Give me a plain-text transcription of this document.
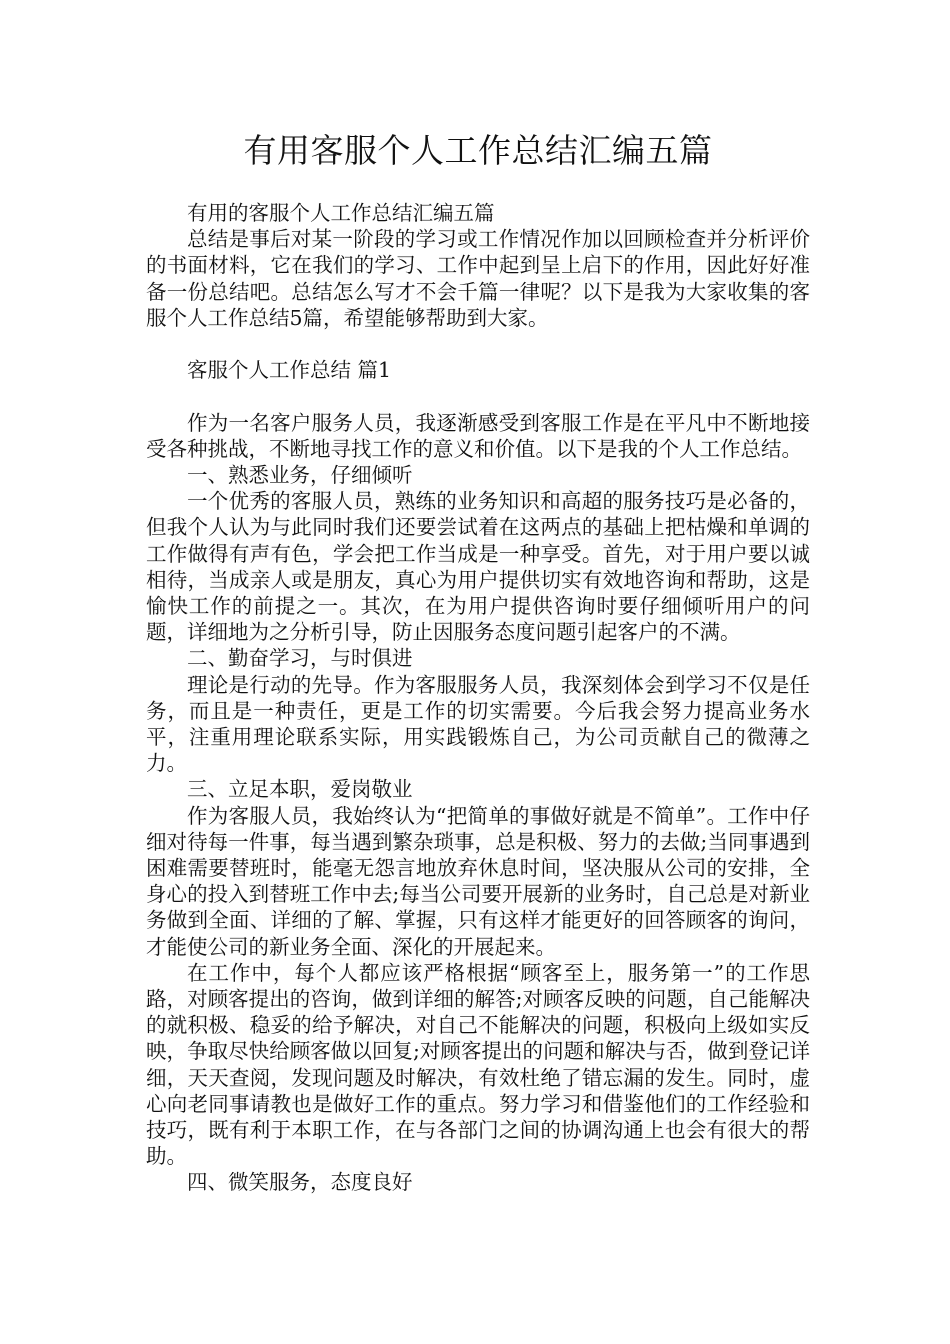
有用客服个人工作总结汇编五篇

有用的客服个人工作总结汇编五篇

总结是事后对某一阶段的学习或工作情况作加以回顾检查并分析评价的书面材料，它在我们的学习、工作中起到呈上启下的作用，因此好好准备一份总结吧。总结怎么写才不会千篇一律呢？以下是我为大家收集的客服个人工作总结5篇，希望能够帮助到大家。

客服个人工作总结 篇1

作为一名客户服务人员，我逐渐感受到客服工作是在平凡中不断地接受各种挑战，不断地寻找工作的意义和价值。以下是我的个人工作总结。

一、熟悉业务，仔细倾听

一个优秀的客服人员，熟练的业务知识和高超的服务技巧是必备的，但我个人认为与此同时我们还要尝试着在这两点的基础上把枯燥和单调的工作做得有声有色，学会把工作当成是一种享受。首先，对于用户要以诚相待，当成亲人或是朋友，真心为用户提供切实有效地咨询和帮助，这是愉快工作的前提之一。其次，在为用户提供咨询时要仔细倾听用户的问题，详细地为之分析引导，防止因服务态度问题引起客户的不满。

二、勤奋学习，与时俱进

理论是行动的先导。作为客服服务人员，我深刻体会到学习不仅是任务，而且是一种责任，更是工作的切实需要。今后我会努力提高业务水平，注重用理论联系实际，用实践锻炼自己，为公司贡献自己的微薄之力。

三、立足本职，爱岗敬业

作为客服人员，我始终认为“把简单的事做好就是不简单”。工作中仔细对待每一件事，每当遇到繁杂琐事，总是积极、努力的去做;当同事遇到困难需要替班时，能毫无怨言地放弃休息时间，坚决服从公司的安排，全身心的投入到替班工作中去;每当公司要开展新的业务时，自己总是对新业务做到全面、详细的了解、掌握，只有这样才能更好的回答顾客的询问，才能使公司的新业务全面、深化的开展起来。

在工作中，每个人都应该严格根据“顾客至上，服务第一”的工作思路，对顾客提出的咨询，做到详细的解答;对顾客反映的问题，自己能解决的就积极、稳妥的给予解决，对自己不能解决的问题，积极向上级如实反映，争取尽快给顾客做以回复;对顾客提出的问题和解决与否，做到登记详细，天天查阅，发现问题及时解决，有效杜绝了错忘漏的发生。同时，虚心向老同事请教也是做好工作的重点。努力学习和借鉴他们的工作经验和技巧，既有利于本职工作，在与各部门之间的协调沟通上也会有很大的帮助。

四、微笑服务，态度良好
